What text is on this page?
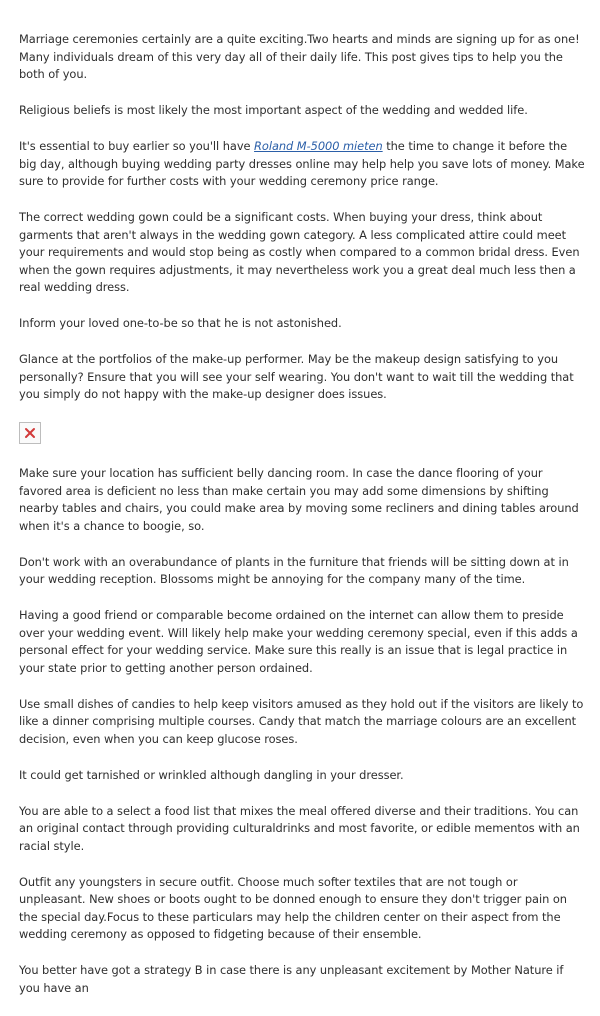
Marriage ceremonies certainly are a quite exciting.Two hearts and minds are signing up for as one! Many individuals dream of this very day all of their daily life. This post gives tips to help you the both of you.

Religious beliefs is most likely the most important aspect of the wedding and wedded life.

It's essential to buy earlier so you'll have Roland M-5000 mieten the time to change it before the big day, although buying wedding party dresses online may help help you save lots of money. Make sure to provide for further costs with your wedding ceremony price range.

The correct wedding gown could be a significant costs. When buying your dress, think about garments that aren't always in the wedding gown category. A less complicated attire could meet your requirements and would stop being as costly when compared to a common bridal dress. Even when the gown requires adjustments, it may nevertheless work you a great deal much less then a real wedding dress.

Inform your loved one-to-be so that he is not astonished.

Glance at the portfolios of the make-up performer. May be the makeup design satisfying to you personally? Ensure that you will see your self wearing. You don't want to wait till the wedding that you simply do not happy with the make-up designer does issues.

Make sure your location has sufficient belly dancing room. In case the dance flooring of your favored area is deficient no less than make certain you may add some dimensions by shifting nearby tables and chairs, you could make area by moving some recliners and dining tables around when it's a chance to boogie, so.

Don't work with an overabundance of plants in the furniture that friends will be sitting down at in your wedding reception. Blossoms might be annoying for the company many of the time.

Having a good friend or comparable become ordained on the internet can allow them to preside over your wedding event. Will likely help make your wedding ceremony special, even if this adds a personal effect for your wedding service. Make sure this really is an issue that is legal practice in your state prior to getting another person ordained.

Use small dishes of candies to help keep visitors amused as they hold out if the visitors are likely to like a dinner comprising multiple courses. Candy that match the marriage colours are an excellent decision, even when you can keep glucose roses.

It could get tarnished or wrinkled although dangling in your dresser.

You are able to a select a food list that mixes the meal offered diverse and their traditions. You can an original contact through providing culturaldrinks and most favorite, or edible mementos with an racial style.

Outfit any youngsters in secure outfit. Choose much softer textiles that are not tough or unpleasant. New shoes or boots ought to be donned enough to ensure they don't trigger pain on the special day.Focus to these particulars may help the children center on their aspect from the wedding ceremony as opposed to fidgeting because of their ensemble.

You better have got a strategy B in case there is any unpleasant excitement by Mother Nature if you have an
